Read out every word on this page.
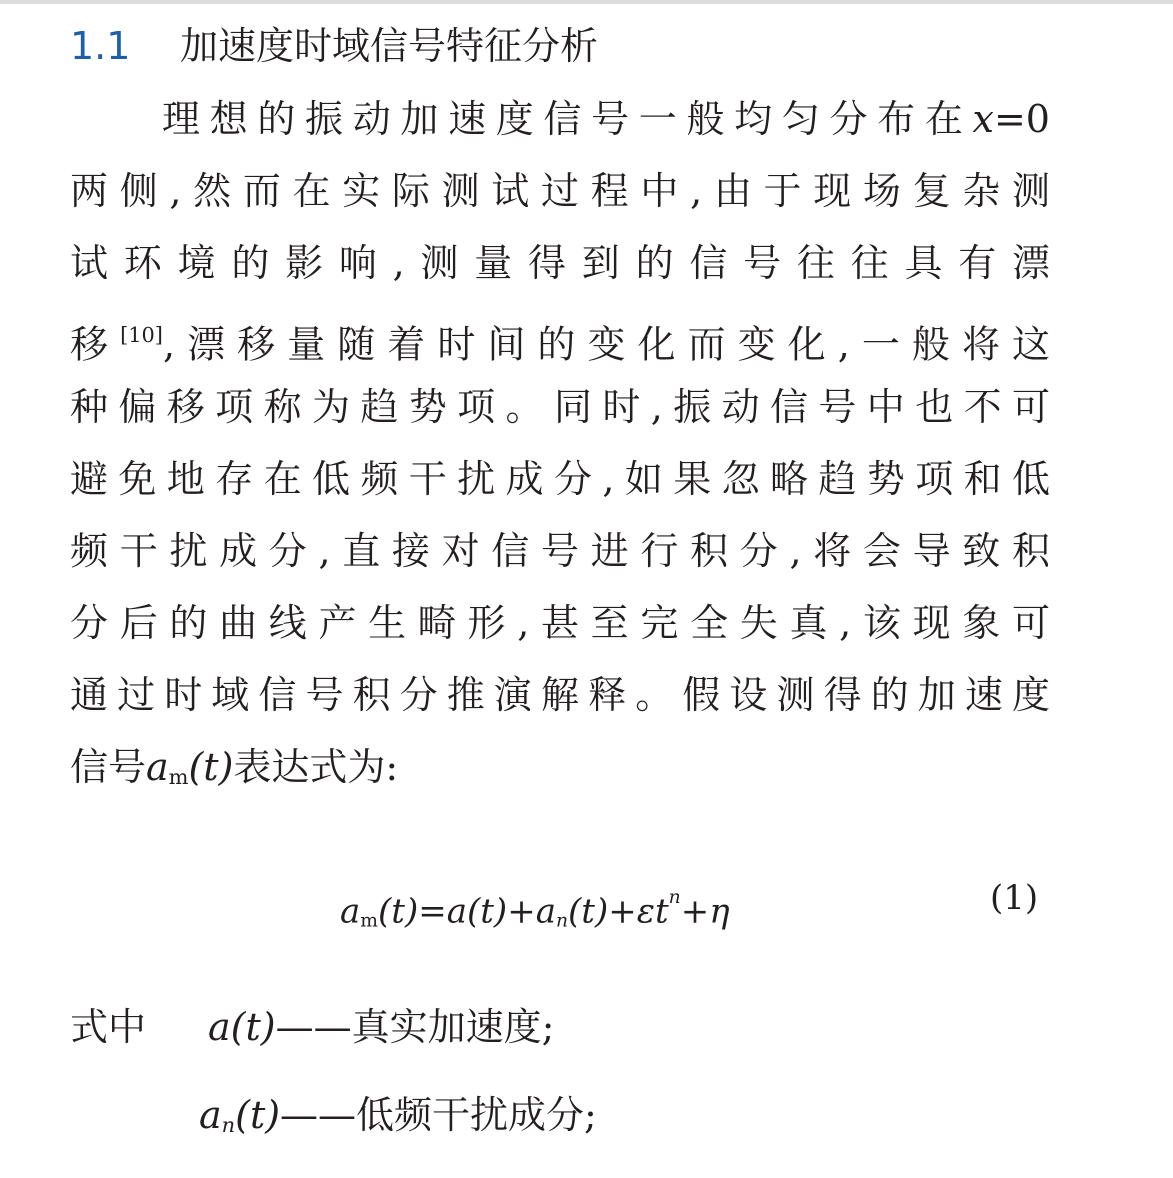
1.1 加速度时域信号特征分析
理想的振动加速度信号一般均匀分布在x=0
两侧,然而在实际测试过程中,由于现场复杂测
试环境的影响,测量得到的信号往往具有漂
移[10],漂移量随着时间的变化而变化,一般将这
种偏移项称为趋势项。同时,振动信号中也不可
避免地存在低频干扰成分,如果忽略趋势项和低
频干扰成分,直接对信号进行积分,将会导致积
分后的曲线产生畸形,甚至完全失真,该现象可
通过时域信号积分推演解释。假设测得的加速度
信号$a_m(t)$表达式为:
$a_m(t)=a(t)+a_n(t)+\varepsilon t^n+\eta$	(1)
式中 a(t)——真实加速度;
$a_n(t)——$低频干扰成分;
